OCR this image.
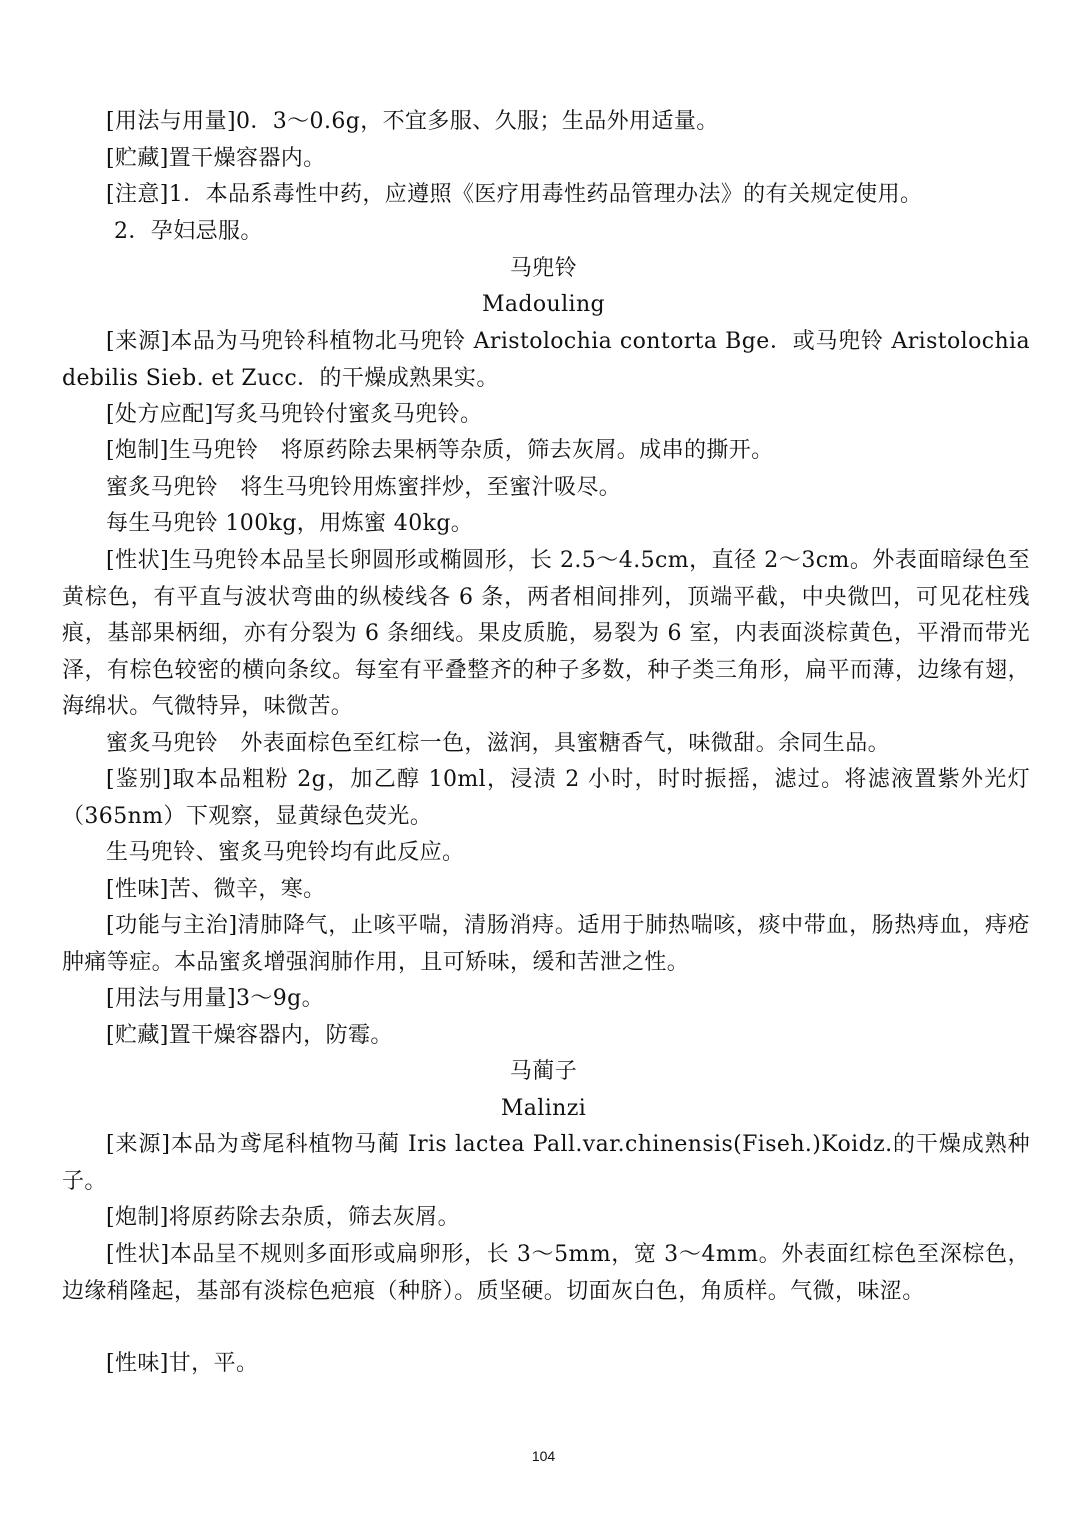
[用法与用量]0．3～0.6g，不宜多服、久服；生品外用适量。

[贮藏]置干燥容器内。

[注意]1．本品系毒性中药，应遵照《医疗用毒性药品管理办法》的有关规定使用。

2．孕妇忌服。

马兜铃

Madouling

[来源]本品为马兜铃科植物北马兜铃 Aristolochia contorta Bge．或马兜铃 Aristolochia debilis Sieb. et Zucc．的干燥成熟果实。

[处方应配]写炙马兜铃付蜜炙马兜铃。

[炮制]生马兜铃　将原药除去果柄等杂质，筛去灰屑。成串的撕开。

蜜炙马兜铃　将生马兜铃用炼蜜拌炒，至蜜汁吸尽。

每生马兜铃 100kg，用炼蜜 40kg。

[性状]生马兜铃本品呈长卵圆形或椭圆形，长 2.5～4.5cm，直径 2～3cm。外表面暗绿色至黄棕色，有平直与波状弯曲的纵棱线各 6 条，两者相间排列，顶端平截，中央微凹，可见花柱残痕，基部果柄细，亦有分裂为 6 条细线。果皮质脆，易裂为 6 室，内表面淡棕黄色，平滑而带光泽，有棕色较密的横向条纹。每室有平叠整齐的种子多数，种子类三角形，扁平而薄，边缘有翅，海绵状。气微特异，味微苦。

蜜炙马兜铃　外表面棕色至红棕一色，滋润，具蜜糖香气，味微甜。余同生品。

[鉴别]取本品粗粉 2g，加乙醇 10ml，浸渍 2 小时，时时振摇，滤过。将滤液置紫外光灯（365nm）下观察，显黄绿色荧光。

生马兜铃、蜜炙马兜铃均有此反应。

[性味]苦、微辛，寒。

[功能与主治]清肺降气，止咳平喘，清肠消痔。适用于肺热喘咳，痰中带血，肠热痔血，痔疮肿痛等症。本品蜜炙增强润肺作用，且可矫味，缓和苦泄之性。

[用法与用量]3～9g。

[贮藏]置干燥容器内，防霉。

马蔺子

Malinzi

[来源]本品为鸢尾科植物马蔺 Iris lactea Pall.var.chinensis(Fiseh.)Koidz.的干燥成熟种子。

[炮制]将原药除去杂质，筛去灰屑。

[性状]本品呈不规则多面形或扁卵形，长 3～5mm，宽 3～4mm。外表面红棕色至深棕色，边缘稍隆起，基部有淡棕色疤痕（种脐）。质坚硬。切面灰白色，角质样。气微，味涩。

[性味]甘，平。

104
